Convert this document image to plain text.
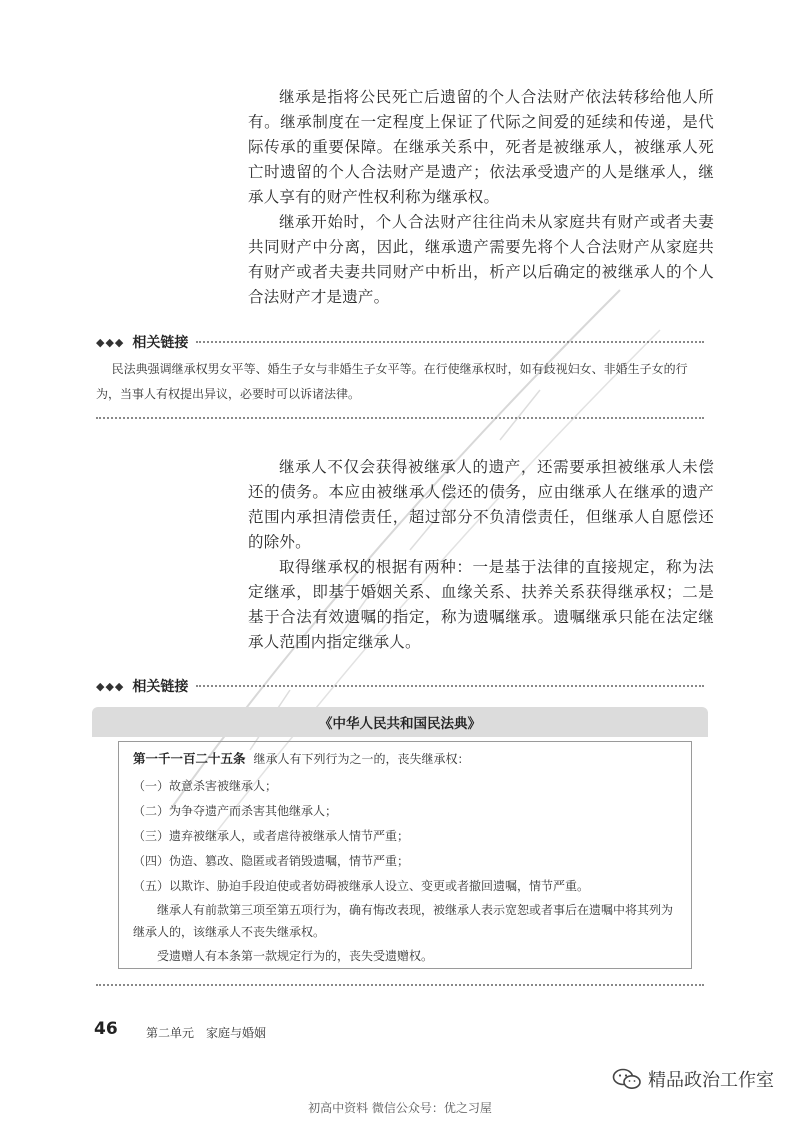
继承是指将公民死亡后遗留的个人合法财产依法转移给他人所有。继承制度在一定程度上保证了代际之间爱的延续和传递，是代际传承的重要保障。在继承关系中，死者是被继承人，被继承人死亡时遗留的个人合法财产是遗产；依法承受遗产的人是继承人，继承人享有的财产性权利称为继承权。

继承开始时，个人合法财产往往尚未从家庭共有财产或者夫妻共同财产中分离，因此，继承遗产需要先将个人合法财产从家庭共有财产或者夫妻共同财产中析出，析产以后确定的被继承人的个人合法财产才是遗产。

◆◆◆ 相关链接
民法典强调继承权男女平等、婚生子女与非婚生子女平等。在行使继承权时，如有歧视妇女、非婚生子女的行为，当事人有权提出异议，必要时可以诉诸法律。

继承人不仅会获得被继承人的遗产，还需要承担被继承人未偿还的债务。本应由被继承人偿还的债务，应由继承人在继承的遗产范围内承担清偿责任，超过部分不负清偿责任，但继承人自愿偿还的除外。

取得继承权的根据有两种：一是基于法律的直接规定，称为法定继承，即基于婚姻关系、血缘关系、扶养关系获得继承权；二是基于合法有效遗嘱的指定，称为遗嘱继承。遗嘱继承只能在法定继承人范围内指定继承人。

◆◆◆ 相关链接
《中华人民共和国民法典》
第一千一百二十五条 继承人有下列行为之一的，丧失继承权：
（一）故意杀害被继承人；
（二）为争夺遗产而杀害其他继承人；
（三）遗弃被继承人，或者虐待被继承人情节严重；
（四）伪造、篡改、隐匿或者销毁遗嘱，情节严重；
（五）以欺诈、胁迫手段迫使或者妨碍被继承人设立、变更或者撤回遗嘱，情节严重。
继承人有前款第三项至第五项行为，确有悔改表现，被继承人表示宽恕或者事后在遗嘱中将其列为继承人的，该继承人不丧失继承权。
受遗赠人有本条第一款规定行为的，丧失受遗赠权。
46 第二单元　家庭与婚姻
精品政治工作室
初高中资料 微信公众号：优之习屋
